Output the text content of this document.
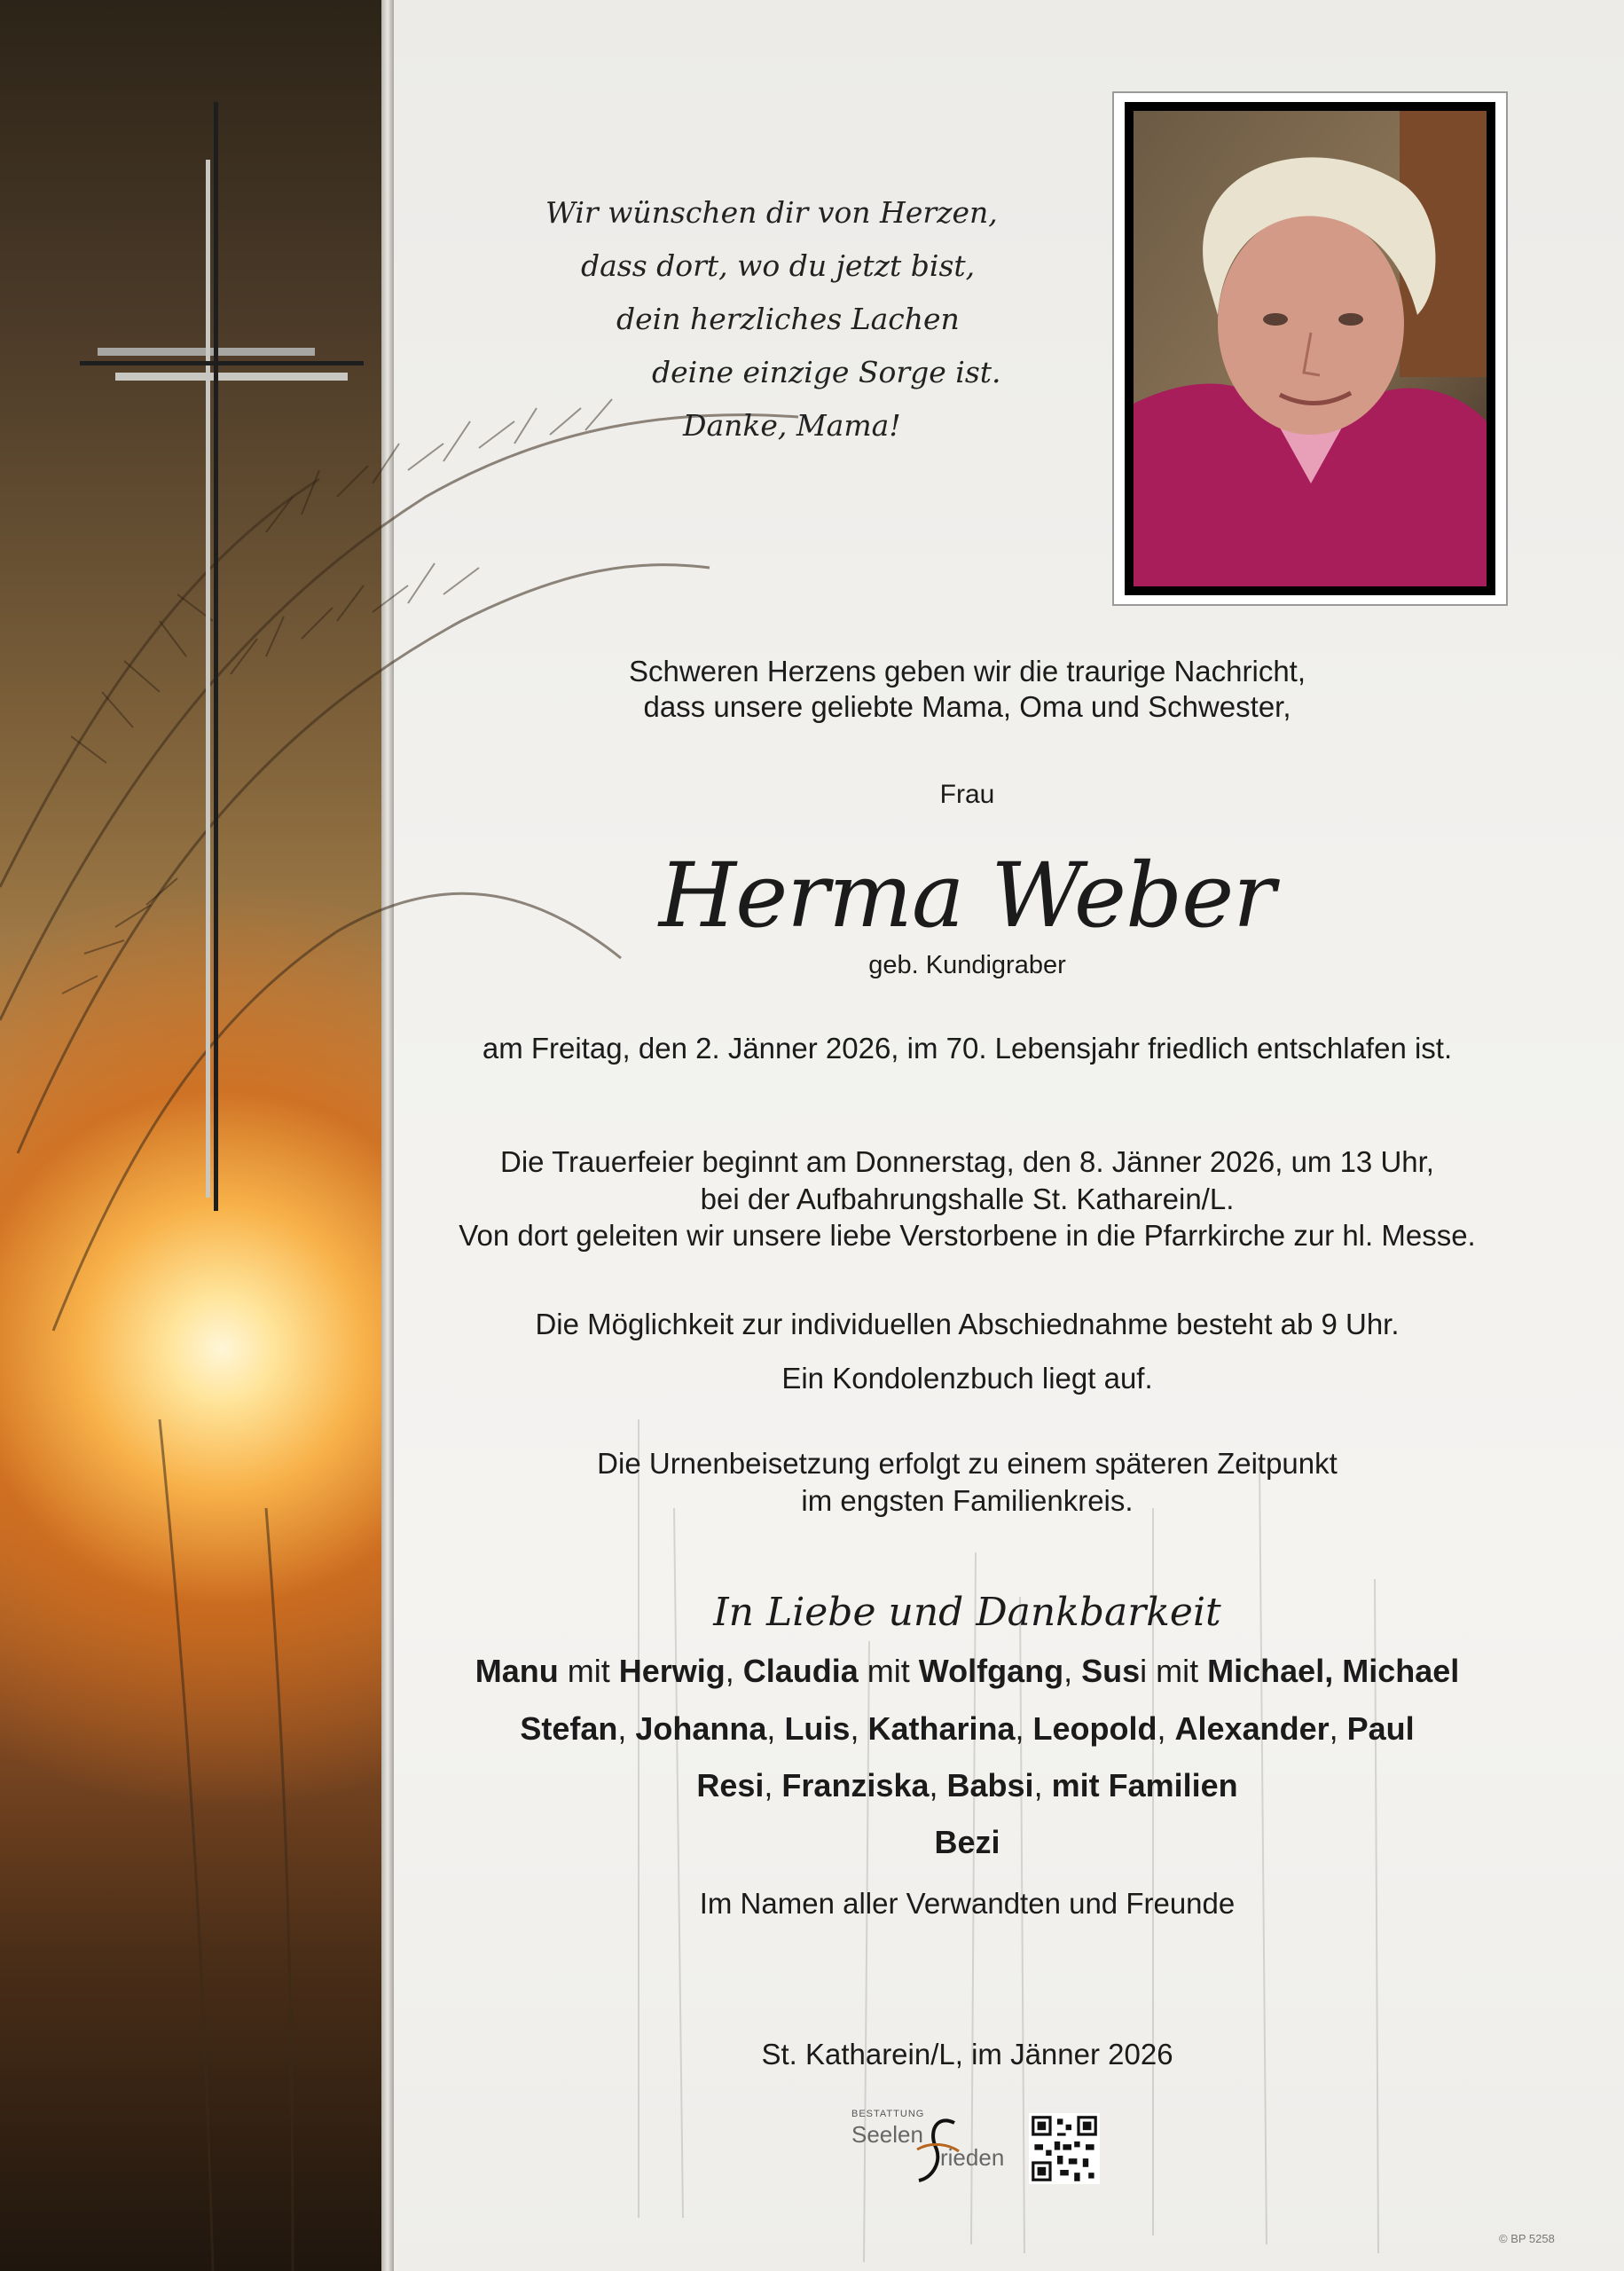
Wir wünschen dir von Herzen,
dass dort, wo du jetzt bist,
dein herzliches Lachen
deine einzige Sorge ist.
Danke, Mama!
Schweren Herzens geben wir die traurige Nachricht,
dass unsere geliebte Mama, Oma und Schwester,
Frau
Herma Weber
geb. Kundigraber
am Freitag, den 2. Jänner 2026, im 70. Lebensjahr friedlich entschlafen ist.
Die Trauerfeier beginnt am Donnerstag, den 8. Jänner 2026, um 13 Uhr,
bei der Aufbahrungshalle St. Katharein/L.
Von dort geleiten wir unsere liebe Verstorbene in die Pfarrkirche zur hl. Messe.
Die Möglichkeit zur individuellen Abschiednahme besteht ab 9 Uhr.
Ein Kondolenzbuch liegt auf.
Die Urnenbeisetzung erfolgt zu einem späteren Zeitpunkt
im engsten Familienkreis.
In Liebe und Dankbarkeit
Manu mit Herwig, Claudia mit Wolfgang, Susi mit Michael, Michael
Stefan, Johanna, Luis, Katharina, Leopold, Alexander, Paul
Resi, Franziska, Babsi, mit Familien
Bezi
Im Namen aller Verwandten und Freunde
St. Katharein/L, im Jänner 2026
BESTATTUNG
Seelen
rieden
© BP 5258
